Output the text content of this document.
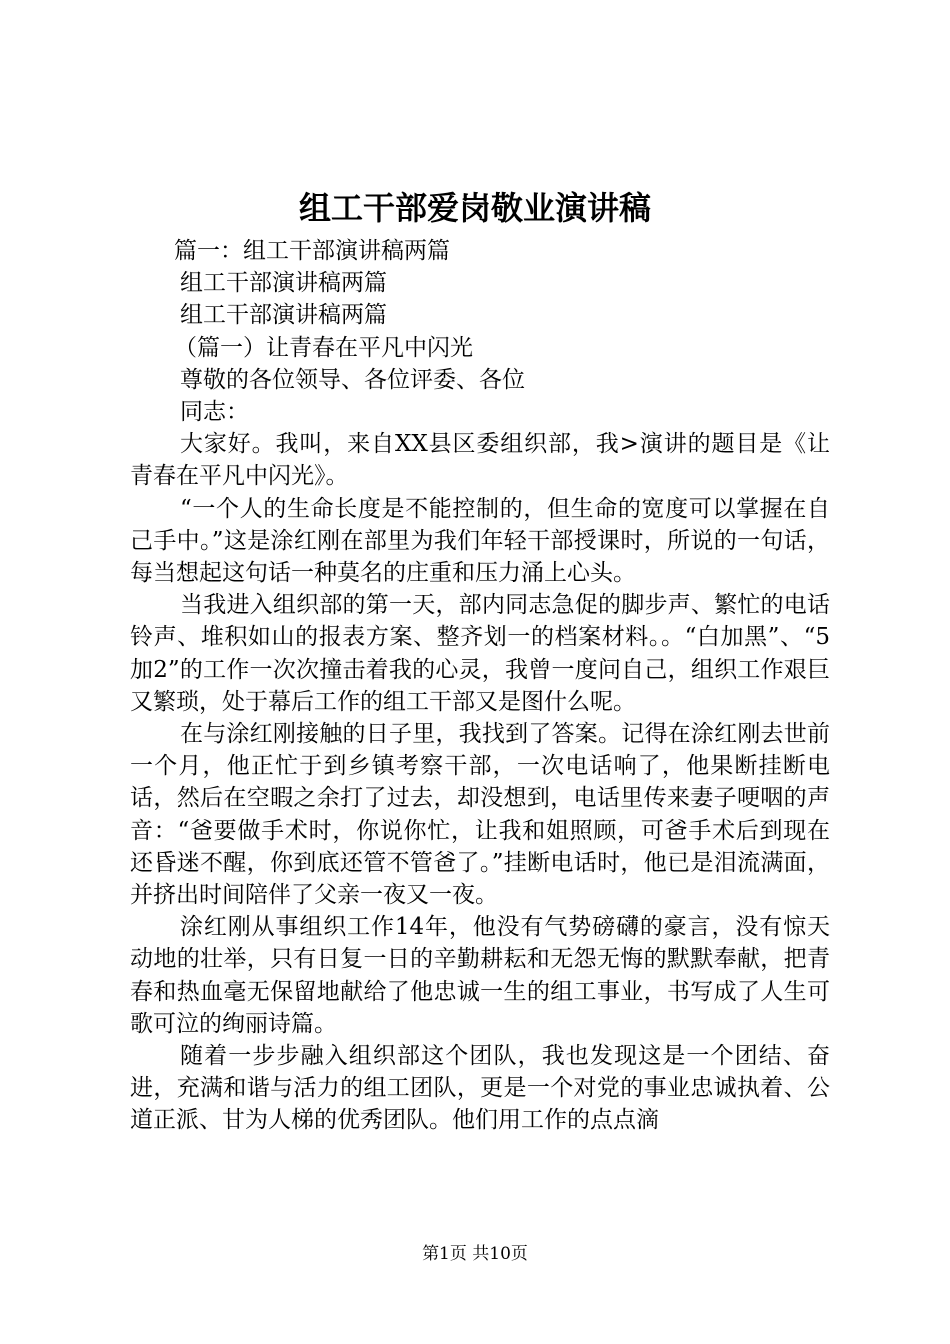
组工干部爱岗敬业演讲稿

篇一：组工干部演讲稿两篇

组工干部演讲稿两篇

组工干部演讲稿两篇

（篇一）让青春在平凡中闪光

尊敬的各位领导、各位评委、各位

同志：

大家好。我叫，来自XX县区委组织部，我>演讲的题目是《让青春在平凡中闪光》。

“一个人的生命长度是不能控制的，但生命的宽度可以掌握在自己手中。”这是涂红刚在部里为我们年轻干部授课时，所说的一句话，每当想起这句话一种莫名的庄重和压力涌上心头。

当我进入组织部的第一天，部内同志急促的脚步声、繁忙的电话铃声、堆积如山的报表方案、整齐划一的档案材料。。“白加黑”、“5加2”的工作一次次撞击着我的心灵，我曾一度问自己，组织工作艰巨又繁琐，处于幕后工作的组工干部又是图什么呢。

在与涂红刚接触的日子里，我找到了答案。记得在涂红刚去世前一个月，他正忙于到乡镇考察干部，一次电话响了，他果断挂断电话，然后在空暇之余打了过去，却没想到，电话里传来妻子哽咽的声音：“爸要做手术时，你说你忙，让我和姐照顾，可爸手术后到现在还昏迷不醒，你到底还管不管爸了。”挂断电话时，他已是泪流满面，并挤出时间陪伴了父亲一夜又一夜。

涂红刚从事组织工作14年，他没有气势磅礴的豪言，没有惊天动地的壮举，只有日复一日的辛勤耕耘和无怨无悔的默默奉献，把青春和热血毫无保留地献给了他忠诚一生的组工事业，书写成了人生可歌可泣的绚丽诗篇。

随着一步步融入组织部这个团队，我也发现这是一个团结、奋进，充满和谐与活力的组工团队，更是一个对党的事业忠诚执着、公道正派、甘为人梯的优秀团队。他们用工作的点点滴

第1页 共10页
